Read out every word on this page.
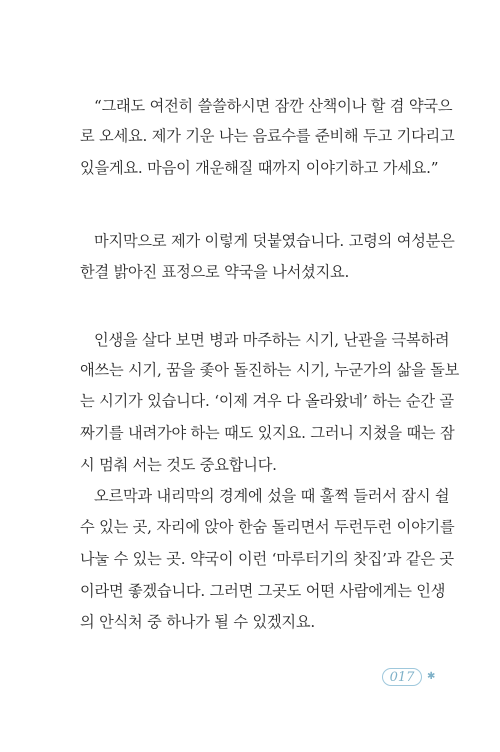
“그래도 여전히 쓸쓸하시면 잠깐 산책이나 할 겸 약국으
로 오세요. 제가 기운 나는 음료수를 준비해 두고 기다리고
있을게요. 마음이 개운해질 때까지 이야기하고 가세요.”
마지막으로 제가 이렇게 덧붙였습니다. 고령의 여성분은
한결 밝아진 표정으로 약국을 나서셨지요.
인생을 살다 보면 병과 마주하는 시기, 난관을 극복하려
애쓰는 시기, 꿈을 좇아 돌진하는 시기, 누군가의 삶을 돌보
는 시기가 있습니다. ‘이제 겨우 다 올라왔네’ 하는 순간 골
짜기를 내려가야 하는 때도 있지요. 그러니 지쳤을 때는 잠
시 멈춰 서는 것도 중요합니다.
오르막과 내리막의 경계에 섰을 때 훌쩍 들러서 잠시 쉴
수 있는 곳, 자리에 앉아 한숨 돌리면서 두런두런 이야기를
나눌 수 있는 곳. 약국이 이런 ‘마루터기의 찻집’과 같은 곳
이라면 좋겠습니다. 그러면 그곳도 어떤 사람에게는 인생
의 안식처 중 하나가 될 수 있겠지요.
017	✱
